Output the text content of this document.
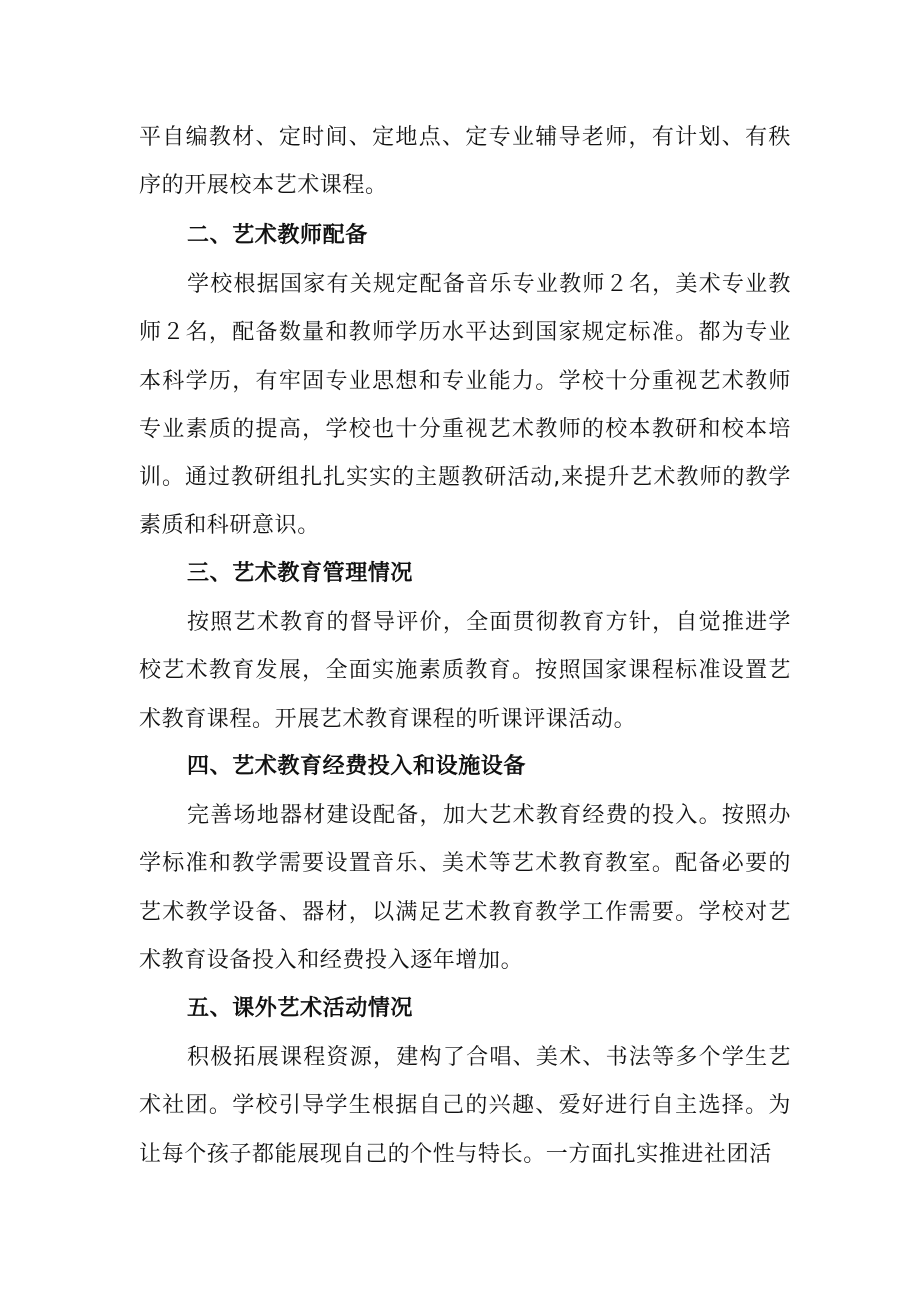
平自编教材、定时间、定地点、定专业辅导老师，有计划、有秩序的开展校本艺术课程。

二、艺术教师配备

学校根据国家有关规定配备音乐专业教师２名，美术专业教师２名，配备数量和教师学历水平达到国家规定标准。都为专业本科学历，有牢固专业思想和专业能力。学校十分重视艺术教师专业素质的提高，学校也十分重视艺术教师的校本教研和校本培训。通过教研组扎扎实实的主题教研活动,来提升艺术教师的教学素质和科研意识。

三、艺术教育管理情况

按照艺术教育的督导评价，全面贯彻教育方针，自觉推进学校艺术教育发展，全面实施素质教育。按照国家课程标准设置艺术教育课程。开展艺术教育课程的听课评课活动。

四、艺术教育经费投入和设施设备

完善场地器材建设配备，加大艺术教育经费的投入。按照办学标准和教学需要设置音乐、美术等艺术教育教室。配备必要的艺术教学设备、器材，以满足艺术教育教学工作需要。学校对艺术教育设备投入和经费投入逐年增加。

五、课外艺术活动情况

积极拓展课程资源，建构了合唱、美术、书法等多个学生艺术社团。学校引导学生根据自己的兴趣、爱好进行自主选择。为让每个孩子都能展现自己的个性与特长。一方面扎实推进社团活
